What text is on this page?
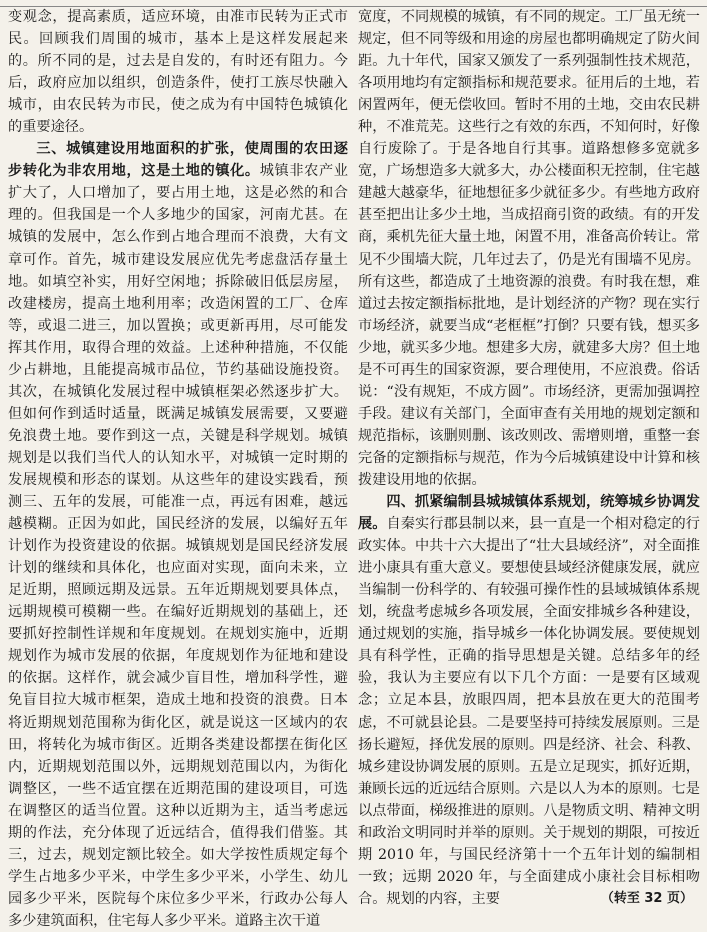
变观念，提高素质，适应环境，由准市民转为正式市民。回顾我们周围的城市，基本上是这样发展起来的。所不同的是，过去是自发的，有时还有阻力。今后，政府应加以组织，创造条件，使打工族尽快融入城市，由农民转为市民，使之成为有中国特色城镇化的重要途径。

三、城镇建设用地面积的扩张，使周围的农田逐步转化为非农用地，这是土地的镇化。城镇非农产业扩大了，人口增加了，要占用土地，这是必然的和合理的。但我国是一个人多地少的国家，河南尤甚。在城镇的发展中，怎么作到占地合理而不浪费，大有文章可作。首先，城市建设发展应优先考虑盘活存量土地。如填空补实，用好空闲地；拆除破旧低层房屋，改建楼房，提高土地利用率；改造闲置的工厂、仓库等，或退二进三，加以置换；或更新再用，尽可能发挥其作用，取得合理的效益。上述种种措施，不仅能少占耕地，且能提高城市品位，节约基础设施投资。其次，在城镇化发展过程中城镇框架必然逐步扩大。但如何作到适时适量，既满足城镇发展需要，又要避免浪费土地。要作到这一点，关键是科学规划。城镇规划是以我们当代人的认知水平，对城镇一定时期的发展规模和形态的谋划。从这些年的建设实践看，预测三、五年的发展，可能准一点，再远有困难，越远越模糊。正因为如此，国民经济的发展，以编好五年计划作为投资建设的依据。城镇规划是国民经济发展计划的继续和具体化，也应面对实现，面向未来，立足近期，照顾远期及远景。五年近期规划要具体点，远期规模可模糊一些。在编好近期规划的基础上，还要抓好控制性详规和年度规划。在规划实施中，近期规划作为城市发展的依据，年度规划作为征地和建设的依据。这样作，就会减少盲目性，增加科学性，避免盲目拉大城市框架，造成土地和投资的浪费。日本将近期规划范围称为街化区，就是说这一区域内的农田，将转化为城市街区。近期各类建设都摆在街化区内，近期规划范围以外，远期规划范围以内，为街化调整区，一些不适宜摆在近期范围的建设项目，可选在调整区的适当位置。这种以近期为主，适当考虑远期的作法，充分体现了近远结合，值得我们借鉴。其三，过去，规划定额比较全。如大学按性质规定每个学生占地多少平米，中学生多少平米，小学生、幼儿园多少平米，医院每个床位多少平米，行政办公每人多少建筑面积，住宅每人多少平米。道路主次干道

宽度，不同规模的城镇，有不同的规定。工厂虽无统一规定，但不同等级和用途的房屋也都明确规定了防火间距。九十年代，国家又颁发了一系列强制性技术规范，各项用地均有定额指标和规范要求。征用后的土地，若闲置两年，便无偿收回。暂时不用的土地，交由农民耕种，不准荒芜。这些行之有效的东西，不知何时，好像自行废除了。于是各地自行其事。道路想修多宽就多宽，广场想造多大就多大，办公楼面积无控制，住宅越建越大越豪华，征地想征多少就征多少。有些地方政府甚至把出让多少土地，当成招商引资的政绩。有的开发商，乘机先征大量土地，闲置不用，准备高价转让。常见不少围墙大院，几年过去了，仍是光有围墙不见房。所有这些，都造成了土地资源的浪费。有时我在想，难道过去按定额指标批地，是计划经济的产物？现在实行市场经济，就要当成“老框框”打倒？只要有钱，想买多少地，就买多少地。想建多大房，就建多大房？但土地是不可再生的国家资源，要合理使用，不应浪费。俗话说：“没有规矩，不成方圆”。市场经济，更需加强调控手段。建议有关部门，全面审查有关用地的规划定额和规范指标，该删则删、该改则改、需增则增，重整一套完备的定额指标与规范，作为今后城镇建设中计算和核拨建设用地的依据。

四、抓紧编制县城城镇体系规划，统筹城乡协调发展。自秦实行郡县制以来，县一直是一个相对稳定的行政实体。中共十六大提出了“壮大县域经济”，对全面推进小康具有重大意义。要想使县域经济健康发展，就应当编制一份科学的、有较强可操作性的县域城镇体系规划，统盘考虑城乡各项发展，全面安排城乡各种建设，通过规划的实施，指导城乡一体化协调发展。要使规划具有科学性，正确的指导思想是关键。总结多年的经验，我认为主要应有以下几个方面：一是要有区域观念；立足本县，放眼四周，把本县放在更大的范围考虑，不可就县论县。二是要坚持可持续发展原则。三是扬长避短，择优发展的原则。四是经济、社会、科教、城乡建设协调发展的原则。五是立足现实，抓好近期，兼顾长远的近远结合原则。六是以人为本的原则。七是以点带面，梯级推进的原则。八是物质文明、精神文明和政治文明同时并举的原则。关于规划的期限，可按近期 2010 年，与国民经济第十一个五年计划的编制相一致；远期 2020 年，与全面建成小康社会目标相吻合。规划的内容，主要	（转至 32 页）
